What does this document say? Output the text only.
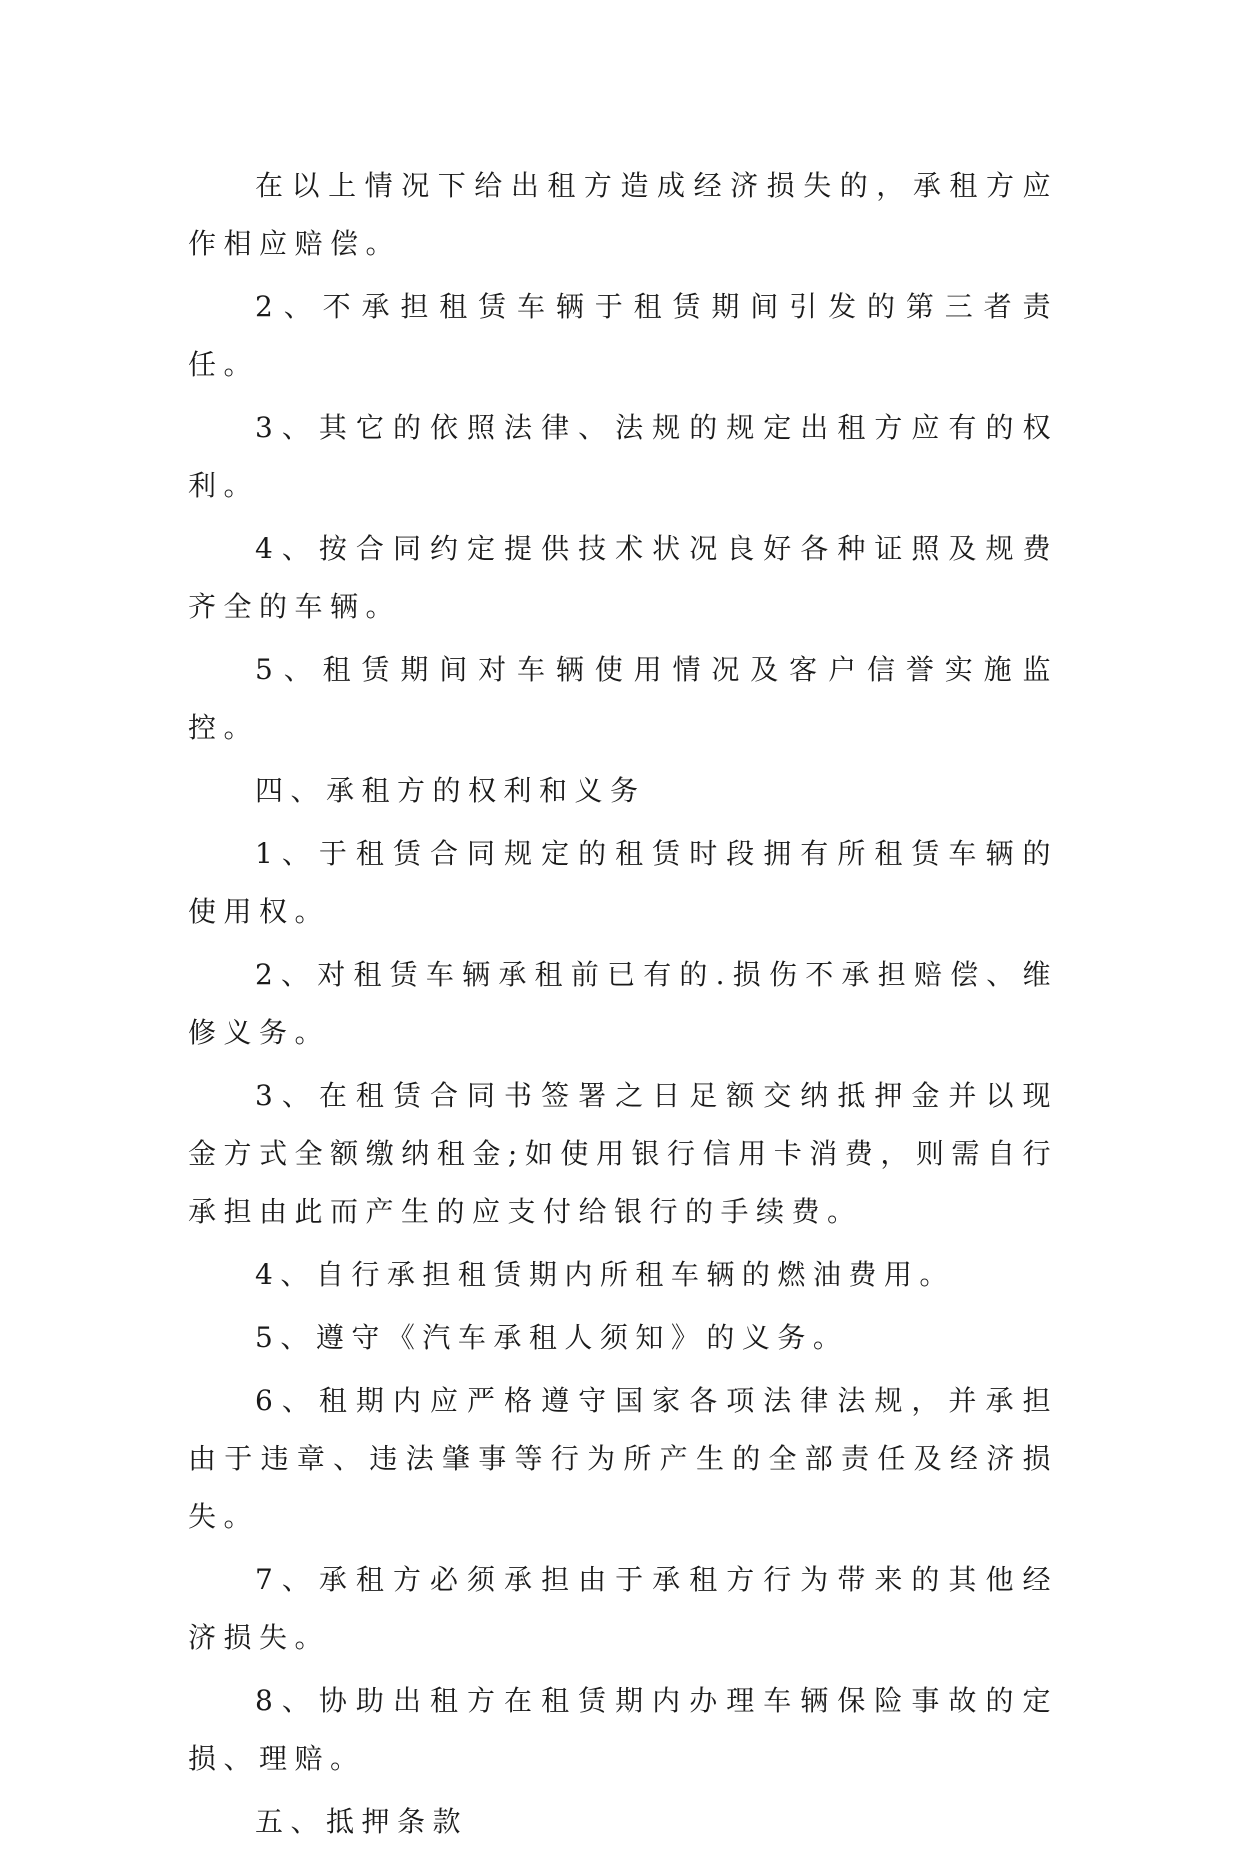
在以上情况下给出租方造成经济损失的，承租方应作相应赔偿。

2、不承担租赁车辆于租赁期间引发的第三者责任。

3、其它的依照法律、法规的规定出租方应有的权利。

4、按合同约定提供技术状况良好各种证照及规费齐全的车辆。

5、租赁期间对车辆使用情况及客户信誉实施监控。

四、承租方的权利和义务

1、于租赁合同规定的租赁时段拥有所租赁车辆的使用权。

2、对租赁车辆承租前已有的.损伤不承担赔偿、维修义务。

3、在租赁合同书签署之日足额交纳抵押金并以现金方式全额缴纳租金;如使用银行信用卡消费，则需自行承担由此而产生的应支付给银行的手续费。

4、自行承担租赁期内所租车辆的燃油费用。

5、遵守《汽车承租人须知》的义务。

6、租期内应严格遵守国家各项法律法规，并承担由于违章、违法肇事等行为所产生的全部责任及经济损失。

7、承租方必须承担由于承租方行为带来的其他经济损失。

8、协助出租方在租赁期内办理车辆保险事故的定损、理赔。

五、抵押条款
